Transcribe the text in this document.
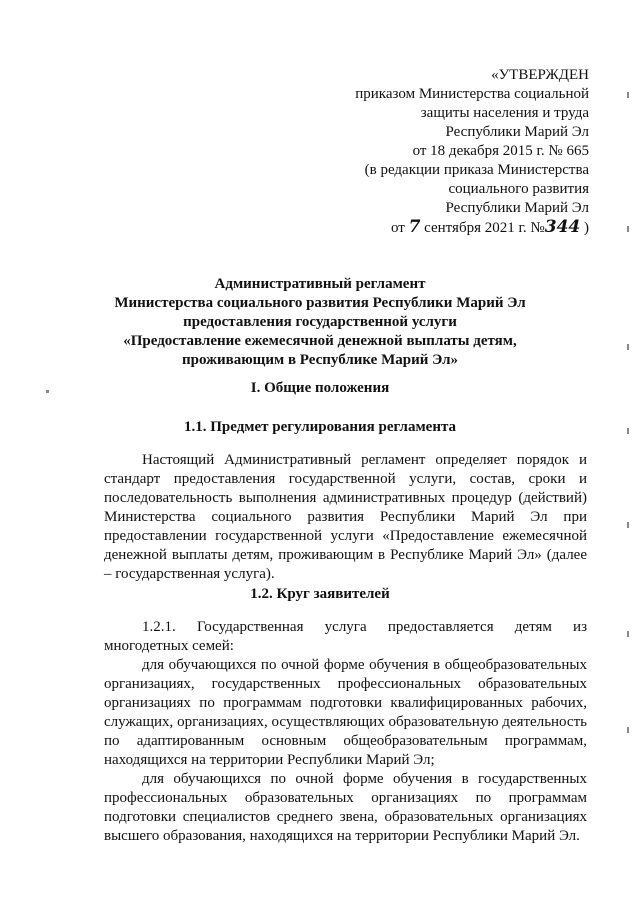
«УТВЕРЖДЕН
приказом Министерства социальной
защиты населения и труда
Республики Марий Эл
от 18 декабря 2015 г. № 665
(в редакции приказа Министерства
социального развития
Республики Марий Эл
от 7 сентября 2021 г. №344 )
Административный регламент
Министерства социального развития Республики Марий Эл
предоставления государственной услуги
«Предоставление ежемесячной денежной выплаты детям,
проживающим в Республике Марий Эл»
I. Общие положения
1.1. Предмет регулирования регламента

Настоящий Административный регламент определяет порядок и стандарт предоставления государственной услуги, состав, сроки и последовательность выполнения административных процедур (действий) Министерства социального развития Республики Марий Эл при предоставлении государственной услуги «Предоставление ежемесячной денежной выплаты детям, проживающим в Республике Марий Эл» (далее – государственная услуга).

1.2. Круг заявителей

1.2.1. Государственная услуга предоставляется детям из многодетных семей:

для обучающихся по очной форме обучения в общеобразовательных организациях, государственных профессиональных образовательных организациях по программам подготовки квалифицированных рабочих, служащих, организациях, осуществляющих образовательную деятельность по адаптированным основным общеобразовательным программам, находящихся на территории Республики Марий Эл;

для обучающихся по очной форме обучения в государственных профессиональных образовательных организациях по программам подготовки специалистов среднего звена, образовательных организациях высшего образования, находящихся на территории Республики Марий Эл.
